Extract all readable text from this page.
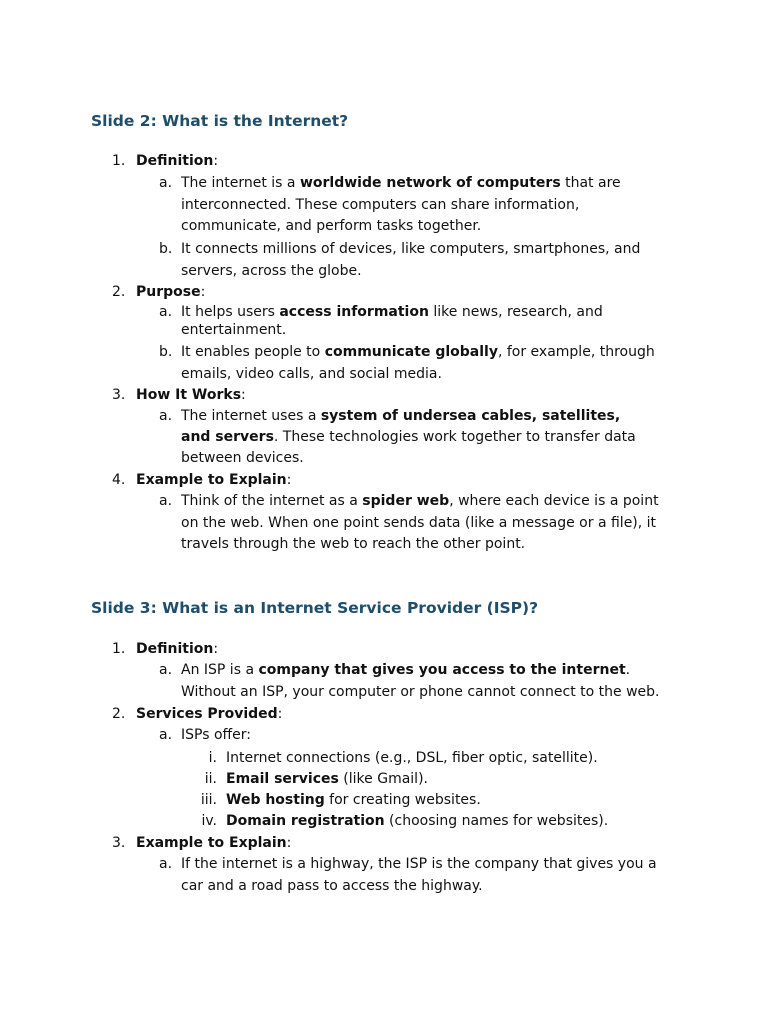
Slide 2: What is the Internet?
1. Definition:
a. The internet is a worldwide network of computers that are interconnected. These computers can share information, communicate, and perform tasks together.
b. It connects millions of devices, like computers, smartphones, and servers, across the globe.
2. Purpose:
a. It helps users access information like news, research, and entertainment.
b. It enables people to communicate globally, for example, through emails, video calls, and social media.
3. How It Works:
a. The internet uses a system of undersea cables, satellites, and servers. These technologies work together to transfer data between devices.
4. Example to Explain:
a. Think of the internet as a spider web, where each device is a point on the web. When one point sends data (like a message or a file), it travels through the web to reach the other point.
Slide 3: What is an Internet Service Provider (ISP)?
1. Definition:
a. An ISP is a company that gives you access to the internet. Without an ISP, your computer or phone cannot connect to the web.
2. Services Provided:
a. ISPs offer:
i. Internet connections (e.g., DSL, fiber optic, satellite).
ii. Email services (like Gmail).
iii. Web hosting for creating websites.
iv. Domain registration (choosing names for websites).
3. Example to Explain:
a. If the internet is a highway, the ISP is the company that gives you a car and a road pass to access the highway.
